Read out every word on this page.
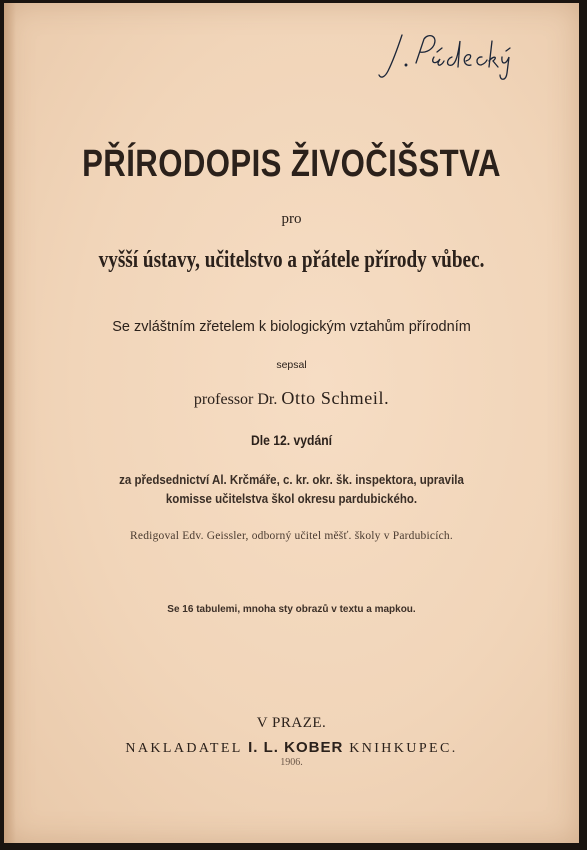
PŘÍRODOPIS ŽIVOČIŠSTVA
pro
vyšší ústavy, učitelstvo a přátele přírody vůbec.
Se zvláštním zřetelem k biologickým vztahům přírodním
sepsal
professor Dr. Otto Schmeil.
Dle 12. vydání
za předsednictví Al. Krčmáře, c. kr. okr. šk. inspektora, upravila
komisse učitelstva škol okresu pardubického.
Redigoval Edv. Geissler, odborný učitel měšť. školy v Pardubicích.
Se 16 tabulemi, mnoha sty obrazů v textu a mapkou.
V PRAZE.
NAKLADATEL I. L. KOBER KNIHKUPEC.
1906.
